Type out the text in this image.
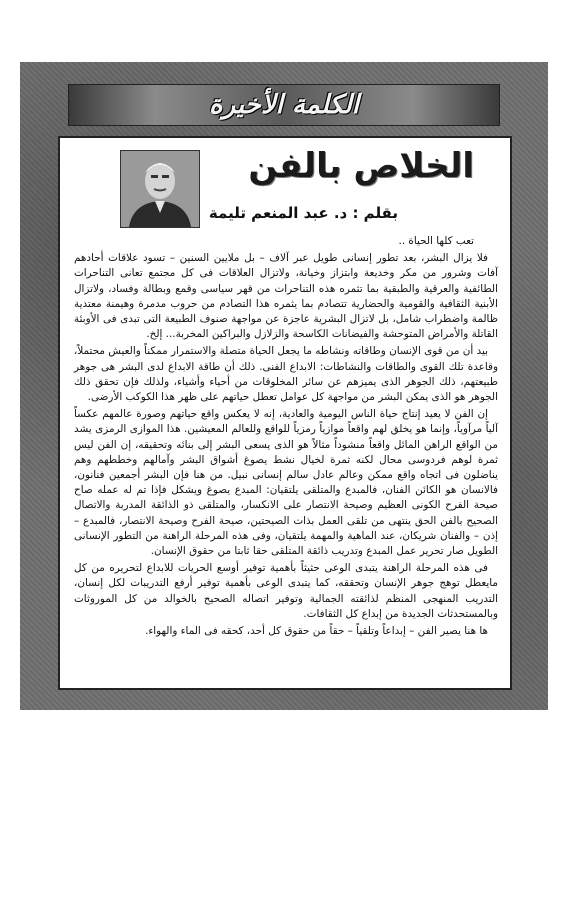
الكلمة الأخيرة
الخلاص بالفن
بقلم : د. عبد المنعم تليمة

تعب كلها الحياة ..

فلا يزال البشر، بعد تطور إنسانى طويل عبر آلاف – بل ملايين السنين – تسود علاقات أحادهم آفات وشرور من مكر وخديعة وابتزاز وخيانة، ولاتزال العلاقات فى كل مجتمع تعانى التناحرات الطائفية والعرقية والطبقية بما تثمره هذه التناحرات من قهر سياسى وقمع وبطالة وفساد، ولاتزال الأبنية الثقافية والقومية والحضارية تتصادم بما يثمره هذا التصادم من حروب مدمرة وهيمنة معتدية ظالمة واضطراب شامل، بل لاتزال البشرية عاجزة عن مواجهة صنوف الطبيعة التى تبدى فى الأوبئة القاتلة والأمراض المتوحشة والفيضانات الكاسحة والزلازل والبراكين المخربة... إلخ.

بيد أن من قوى الإنسان وطاقاته ونشاطه ما يجعل الحياة متصلة والاستمرار ممكناً والعيش محتملاً، وقاعدة تلك القوى والطاقات والنشاطات: الابداع الفنى. ذلك أن طاقة الابداع لدى البشر هى جوهر طبيعتهم، ذلك الجوهر الذى يميزهم عن سائر المخلوقات من أحياء وأشياء، ولذلك فإن تحقق ذلك الجوهر هو الذى يمكن البشر من مواجهة كل عوامل تعطل حياتهم على ظهر هذا الكوكب الأرضى.

إن الفن لا يعيد إنتاج حياة الناس اليومية والعادية، إنه لا يعكس واقع حياتهم وصورة عالمهم عكساً آلياً مرآوياً، وإنما هو يخلق لهم واقعاً موازياً رمزياً للواقع وللعالم المعيشين. هذا الموازى الرمزى يشد من الواقع الراهن المائل واقعاً منشوداً مثالاً هو الذى يسعى البشر إلى بنائه وتحقيقه، إن الفن ليس ثمرة لوهم فردوسى محال لكنه ثمرة لخيال نشط يصوغ أشواق البشر وآمالهم وخططهم وهم يناضلون فى اتجاه واقع ممكن وعالم عادل سالم إنسانى نبيل. من هنا فإن البشر أجمعين فنانون، فالانسان هو الكائن الفنان، فالمبدع والمتلقى يلتقيان: المبدع يصوغ ويشكل فإذا تم له عمله صاح صيحة الفرح الكونى العظيم وصيحة الانتصار على الانكسار، والمتلقى ذو الذائقة المدربة والاتصال الصحيح بالفن الحق ينتهى من تلقى العمل بذات الصيحتين، صيحة الفرح وصيحة الانتصار، فالمبدع – إذن – والفنان شريكان، عند الماهية والمهمة يلتقيان، وفى هذه المرحلة الراهنة من التطور الإنسانى الطويل صار تحرير عمل المبدع وتدريب ذائقة المتلقى حقا ثابتا من حقوق الإنسان.

فى هذه المرحلة الراهنة يتبدى الوعى حثيثاً بأهمية توفير أوسع الحريات للابداع لتحريره من كل مايعطل توهج جوهر الإنسان وتحققه، كما يتبدى الوعى بأهمية توفير أرفع التدريبات لكل إنسان، التدريب المنهجى المنظم لذائقته الجمالية وتوفير اتصاله الصحيح بالخوالد من كل الموروثات وبالمستحدثات الجديدة من إبداع كل الثقافات.

ها هنا يصير الفن – إبداعاً وتلقياً – حقاً من حقوق كل أحد، كحقه فى الماء والهواء.
